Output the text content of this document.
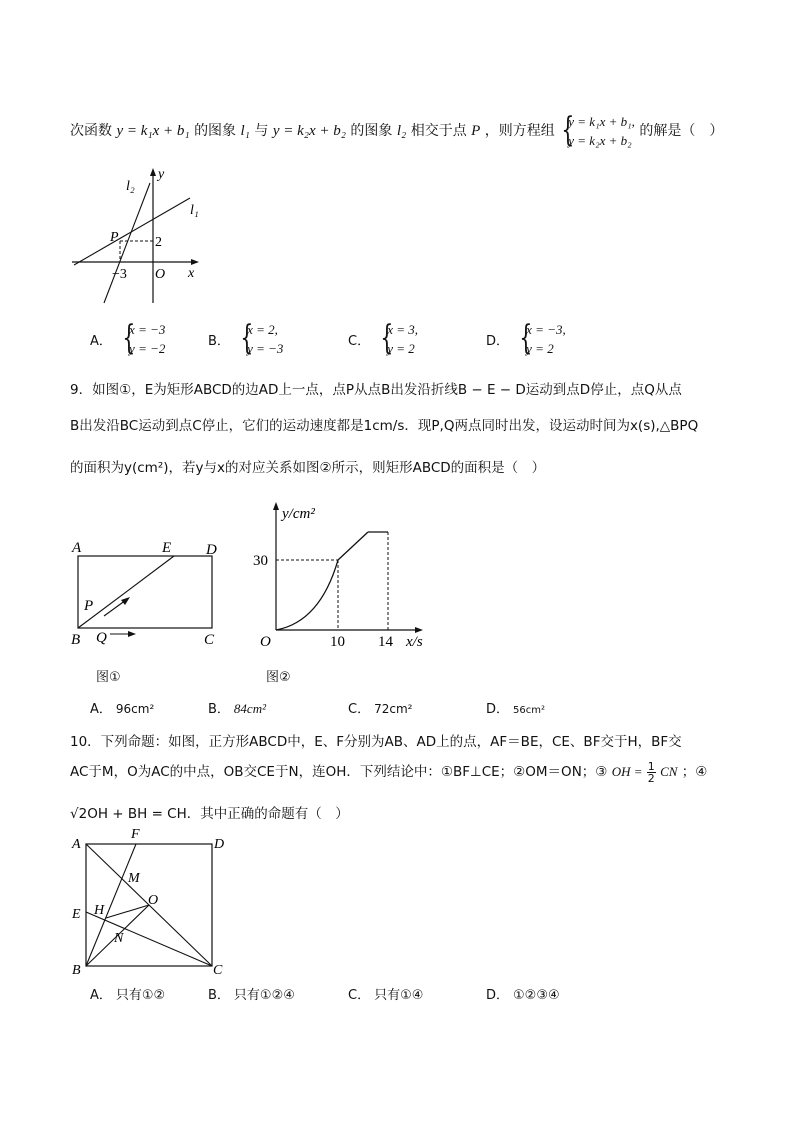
次函数 y = k₁x + b₁ 的图象 l₁ 与 y = k₂x + b₂ 的图象 l₂ 相交于点 P ，则方程组
{ y = k₁x + b₁,
y = k₂x + b₂
的解是（　）
y
x
O
l₁
l₂
P	2
−3
A．
{ x = −3
y = −2	B．
{ x = 2,
y = −3	C．
{ x = 3,
y = 2	D．
{ x = −3,
y = 2
9．如图①，E为矩形ABCD的边AD上一点，点P从点B出发沿折线B − E − D运动到点D停止，点Q从点
B出发沿BC运动到点C停止，它们的运动速度都是1cm/s．现P,Q两点同时出发，设运动时间为x(s),△BPQ
的面积为y(cm²)，若y与x的对应关系如图②所示，则矩形ABCD的面积是（　）
A	E D
B	C
P
Q
图①
y/cm²
x/s
O
30
10 14
图②
A． 96cm²	B． 84cm²	C． 72cm²	D． 56cm²
10．下列命题：如图，正方形ABCD中，E、F分别为AB、AD上的点，AF＝BE，CE、BF交于H，BF交
AC于M，O为AC的中点，OB交CE于N，连OH．下列结论中：①BF⊥CE；②OM＝ON；③ OH = $\frac{1}{2}$ CN ；④
√2OH + BH = CH．其中正确的命题有（　）
A	D
F
E
B	C
M
O
H
N
A． 只有①②	B． 只有①②④	C． 只有①④	D． ①②③④
